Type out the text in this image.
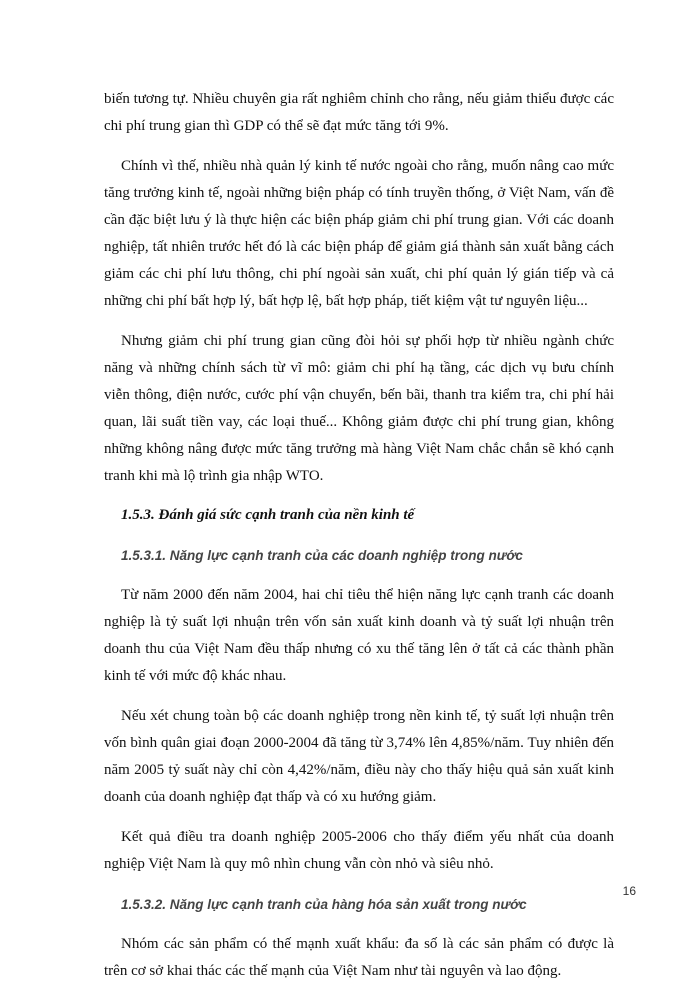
biến tương tự. Nhiều chuyên gia rất nghiêm chỉnh cho rằng, nếu giảm thiểu được các chi phí trung gian thì GDP có thể sẽ đạt mức tăng tới 9%.

Chính vì thế, nhiều nhà quản lý kinh tế nước ngoài cho rằng, muốn nâng cao mức tăng trưởng kinh tế, ngoài những biện pháp có tính truyền thống, ở Việt Nam, vấn đề cần đặc biệt lưu ý là thực hiện các biện pháp giảm chi phí trung gian. Với các doanh nghiệp, tất nhiên trước hết đó là các biện pháp để giảm giá thành sản xuất bằng cách giảm các chi phí lưu thông, chi phí ngoài sản xuất, chi phí quản lý gián tiếp và cả những chi phí bất hợp lý, bất hợp lệ, bất hợp pháp, tiết kiệm vật tư nguyên liệu...

Nhưng giảm chi phí trung gian cũng đòi hỏi sự phối hợp từ nhiều ngành chức năng và những chính sách từ vĩ mô: giảm chi phí hạ tầng, các dịch vụ bưu chính viễn thông, điện nước, cước phí vận chuyển, bến bãi, thanh tra kiểm tra, chi phí hải quan, lãi suất tiền vay, các loại thuế... Không giảm được chi phí trung gian, không những không nâng được mức tăng trưởng mà hàng Việt Nam chắc chắn sẽ khó cạnh tranh khi mà lộ trình gia nhập WTO.

1.5.3. Đánh giá sức cạnh tranh của nền kinh tế
1.5.3.1. Năng lực cạnh tranh của các doanh nghiệp trong nước

Từ năm 2000 đến năm 2004, hai chỉ tiêu thể hiện năng lực cạnh tranh các doanh nghiệp là tỷ suất lợi nhuận trên vốn sản xuất kinh doanh và tỷ suất lợi nhuận trên doanh thu của Việt Nam đều thấp nhưng có xu thế tăng lên ở tất cả các thành phần kinh tế với mức độ khác nhau.

Nếu xét chung toàn bộ các doanh nghiệp trong nền kinh tế, tỷ suất lợi nhuận trên vốn bình quân giai đoạn 2000-2004 đã tăng từ 3,74% lên 4,85%/năm. Tuy nhiên đến năm 2005 tỷ suất này chỉ còn 4,42%/năm, điều này cho thấy hiệu quả sản xuất kinh doanh của doanh nghiệp đạt thấp và có xu hướng giảm.

Kết quả điều tra doanh nghiệp 2005-2006 cho thấy điểm yếu nhất của doanh nghiệp Việt Nam là quy mô nhìn chung vẫn còn nhỏ và siêu nhỏ.

1.5.3.2. Năng lực cạnh tranh của hàng hóa sản xuất trong nước

Nhóm các sản phẩm có thế mạnh xuất khẩu: đa số là các sản phẩm có được là trên cơ sở khai thác các thế mạnh của Việt Nam như tài nguyên và lao động.

16
